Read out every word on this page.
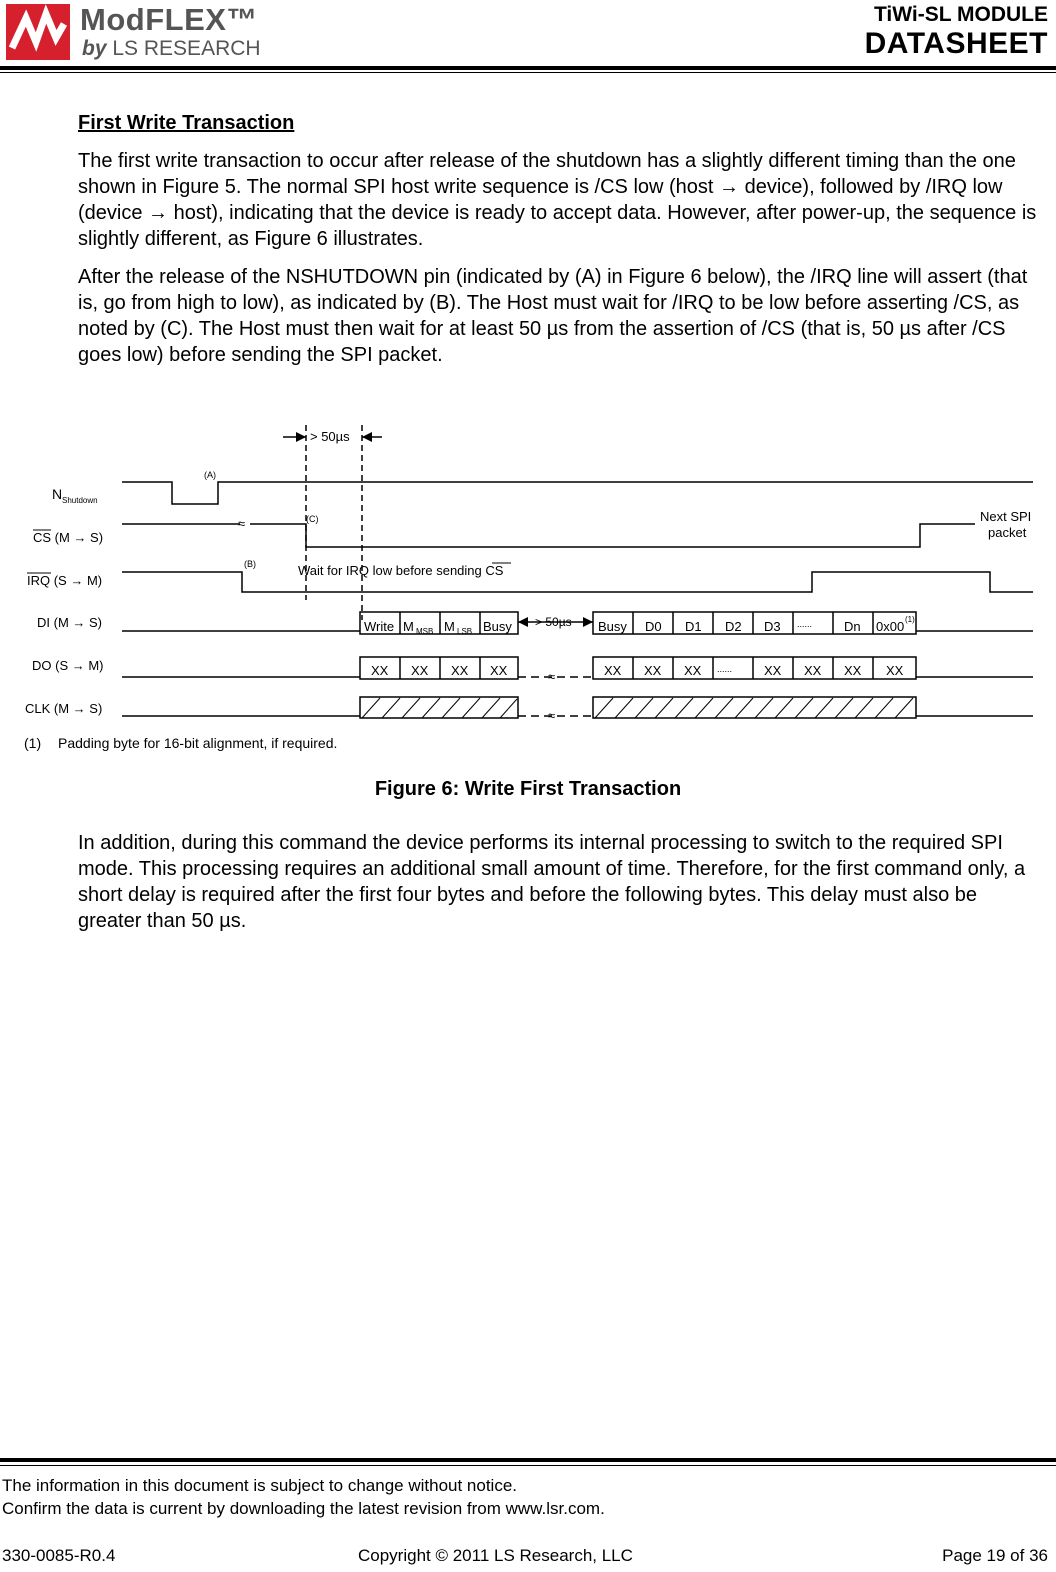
ModFLEX™
by LS RESEARCH
TiWi-SL MODULE
DATASHEET
First Write Transaction

The first write transaction to occur after release of the shutdown has a slightly different timing than the one shown in Figure 5. The normal SPI host write sequence is /CS low (host → device), followed by /IRQ low (device → host), indicating that the device is ready to accept data. However, after power-up, the sequence is slightly different, as Figure 6 illustrates.

After the release of the NSHUTDOWN pin (indicated by (A) in Figure 6 below), the /IRQ line will assert (that is, go from high to low), as indicated by (B). The Host must wait for /IRQ to be low before asserting /CS, as noted by (C). The Host must then wait for at least 50 µs from the assertion of /CS (that is, 50 µs after /CS goes low) before sending the SPI packet.

≈
≈
≈
> 50µs
N Shutdown
(A)
CS (M → S)
(C)
(B)
IRQ (S → M)
Wait for IRQ low before sending CS
Next SPI
packet
DI (M → S)
DO (S → M)
CLK (M → S)
Write M MSB M LSB Busy > 50µs Busy D0 D1 D2 D3 ...... Dn 0x00 (1)
XX XX XX XX	XX XX XX ...... XX XX XX XX
(1) Padding byte for 16-bit alignment, if required.
Figure 6: Write First Transaction

In addition, during this command the device performs its internal processing to switch to the required SPI mode. This processing requires an additional small amount of time. Therefore, for the first command only, a short delay is required after the first four bytes and before the following bytes. This delay must also be greater than 50 µs.

The information in this document is subject to change without notice.
Confirm the data is current by downloading the latest revision from www.lsr.com.
330-0085-R0.4	Copyright © 2011 LS Research, LLC	Page 19 of 36
